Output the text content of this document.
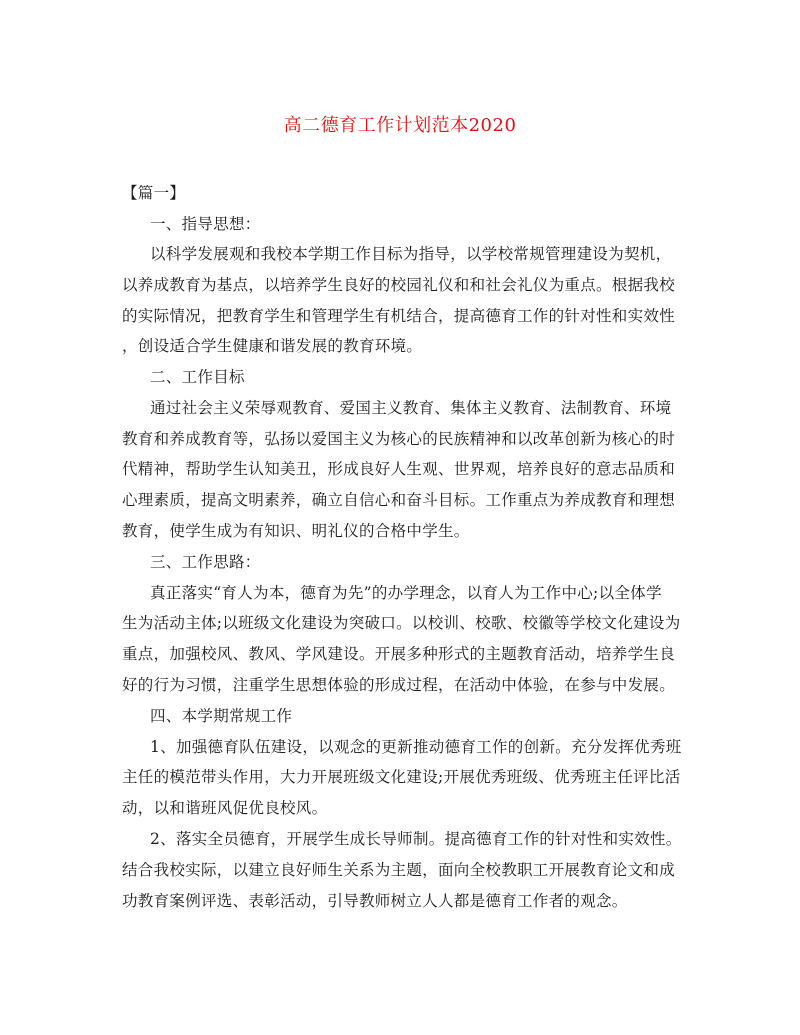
高二德育工作计划范本2020
【篇一】
一、指导思想：
以科学发展观和我校本学期工作目标为指导，以学校常规管理建设为契机，
以养成教育为基点，以培养学生良好的校园礼仪和和社会礼仪为重点。根据我校
的实际情况，把教育学生和管理学生有机结合，提高德育工作的针对性和实效性
，创设适合学生健康和谐发展的教育环境。
二、工作目标
通过社会主义荣辱观教育、爱国主义教育、集体主义教育、法制教育、环境
教育和养成教育等，弘扬以爱国主义为核心的民族精神和以改革创新为核心的时
代精神，帮助学生认知美丑，形成良好人生观、世界观，培养良好的意志品质和
心理素质，提高文明素养，确立自信心和奋斗目标。工作重点为养成教育和理想
教育，使学生成为有知识、明礼仪的合格中学生。
三、工作思路：
真正落实“育人为本，德育为先”的办学理念，以育人为工作中心;以全体学
生为活动主体;以班级文化建设为突破口。以校训、校歌、校徽等学校文化建设为
重点，加强校风、教风、学风建设。开展多种形式的主题教育活动，培养学生良
好的行为习惯，注重学生思想体验的形成过程，在活动中体验，在参与中发展。
四、本学期常规工作
1、加强德育队伍建设，以观念的更新推动德育工作的创新。充分发挥优秀班
主任的模范带头作用，大力开展班级文化建设;开展优秀班级、优秀班主任评比活
动，以和谐班风促优良校风。
2、落实全员德育，开展学生成长导师制。提高德育工作的针对性和实效性。
结合我校实际，以建立良好师生关系为主题，面向全校教职工开展教育论文和成
功教育案例评选、表彰活动，引导教师树立人人都是德育工作者的观念。
